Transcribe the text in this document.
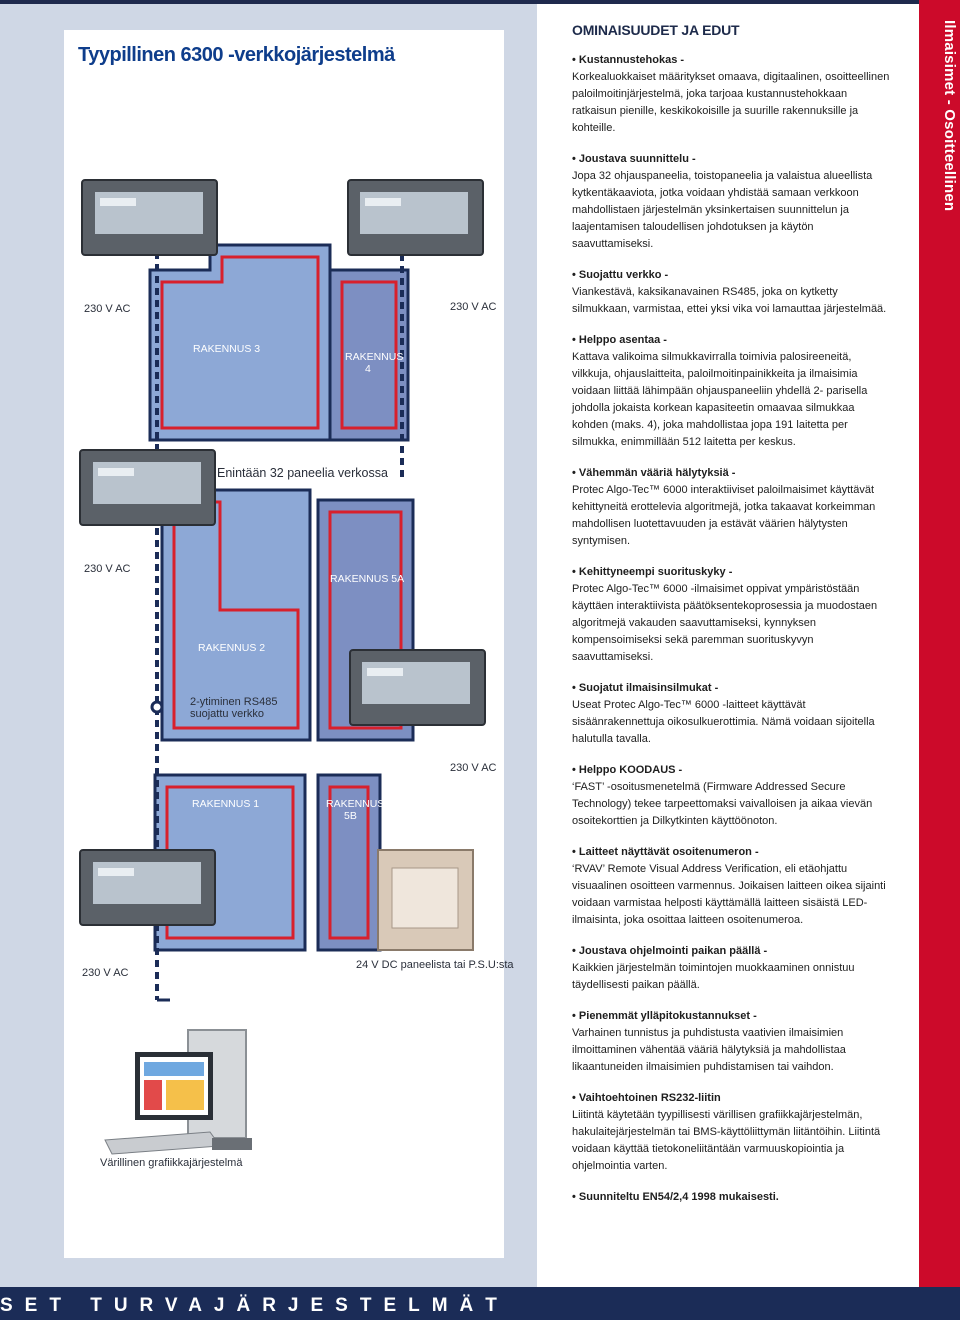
Tyypillinen 6300 -verkkojärjestelmä
RAKENNUS 3
RAKENNUS
4
RAKENNUS 5A
RAKENNUS 2
RAKENNUS 1	RAKENNUS
5B
230 V AC	230 V AC
230 V AC
230 V AC
230 V AC
24 V DC paneelista tai P.S.U:sta
Enintään 32 paneelia verkossa
2-ytiminen RS485
suojattu verkko
Värillinen grafiikkajärjestelmä
OMINAISUUDET JA EDUT
• Kustannustehokas -
Korkealuokkaiset määritykset omaava, digitaalinen, osoitteellinen paloilmoitinjärjestelmä, joka tarjoaa kustannustehokkaan ratkaisun pienille, keskikokoisille ja suurille rakennuksille ja kohteille.
• Joustava suunnittelu -
Jopa 32 ohjauspaneelia, toistopaneelia ja valaistua alueellista kytkentäkaaviota, jotka voidaan yhdistää samaan verkkoon mahdollistaen järjestelmän yksinkertaisen suunnittelun ja laajentamisen taloudellisen johdotuksen ja käytön saavuttamiseksi.
• Suojattu verkko -
Viankestävä, kaksikanavainen RS485, joka on kytketty silmukkaan, varmistaa, ettei yksi vika voi lamauttaa järjestelmää.
• Helppo asentaa -
Kattava valikoima silmukkavirralla toimivia palosireeneitä, vilkkuja, ohjauslaitteita, paloilmoitinpainikkeita ja ilmaisimia voidaan liittää lähimpään ohjauspaneeliin yhdellä 2- parisella johdolla jokaista korkean kapasiteetin omaavaa silmukkaa kohden (maks. 4), joka mahdollistaa jopa 191 laitetta per silmukka, enimmillään 512 laitetta per keskus.
• Vähemmän vääriä hälytyksiä -
Protec Algo-Tec™ 6000 interaktiiviset paloilmaisimet käyttävät kehittyneitä erottelevia algoritmejä, jotka takaavat korkeimman mahdollisen luotettavuuden ja estävät väärien hälytysten syntymisen.
• Kehittyneempi suorituskyky -
Protec Algo-Tec™ 6000 -ilmaisimet oppivat ympäristöstään käyttäen interaktiivista päätöksentekoprosessia ja muodostaen algoritmejä vakauden saavuttamiseksi, kynnyksen kompensoimiseksi sekä paremman suorituskyvyn saavuttamiseksi.
• Suojatut ilmaisinsilmukat -
Useat Protec Algo-Tec™ 6000 -laitteet käyttävät sisäänrakennettuja oikosulkuerottimia. Nämä voidaan sijoitella halutulla tavalla.
• Helppo KOODAUS -
‘FAST’ -osoitusmenetelmä (Firmware Addressed Secure Technology) tekee tarpeettomaksi vaivalloisen ja aikaa vievän osoitekorttien ja Dilkytkinten käyttöönoton.
• Laitteet näyttävät osoitenumeron -
‘RVAV’ Remote Visual Address Verification, eli etäohjattu visuaalinen osoitteen varmennus. Joikaisen laitteen oikea sijainti voidaan varmistaa helposti käyttämällä laitteen sisäistä LED-ilmaisinta, joka osoittaa laitteen osoitenumeroa.
• Joustava ohjelmointi paikan päällä -
Kaikkien järjestelmän toimintojen muokkaaminen onnistuu täydellisesti paikan päällä.
• Pienemmät ylläpitokustannukset -
Varhainen tunnistus ja puhdistusta vaativien ilmaisimien ilmoittaminen vähentää vääriä hälytyksiä ja mahdollistaa likaantuneiden ilmaisimien puhdistamisen tai vaihdon.
• Vaihtoehtoinen RS232-liitin
Liitintä käytetään tyypillisesti värillisen grafiikkajärjestelmän, hakulaitejärjestelmän tai BMS-käyttöliittymän liitäntöihin. Liitintä voidaan käyttää tietokoneliitäntään varmuuskopiointia ja ohjelmointia varten.
• Suunniteltu EN54/2,4 1998 mukaisesti.
Ilmaisimet - Osoitteellinen
SET TURVAJÄRJESTELMÄT
